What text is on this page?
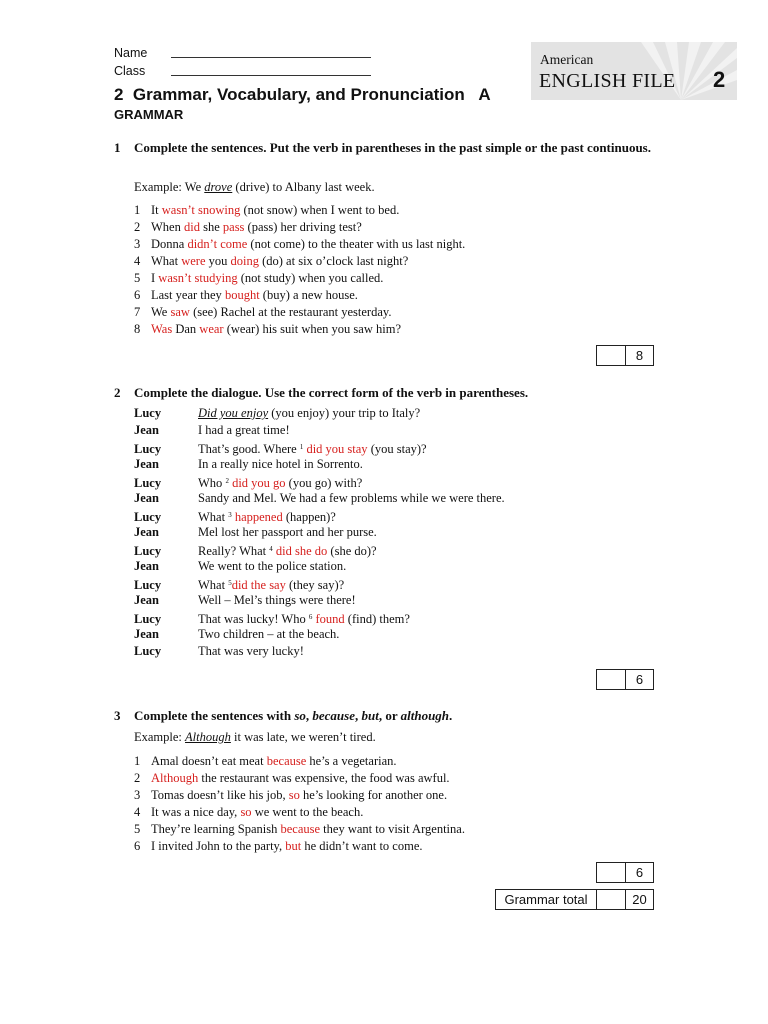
Name
Class
American
ENGLISH FILE 2
2  Grammar, Vocabulary, and Pronunciation   A
GRAMMAR
1 Complete the sentences. Put the verb in parentheses in the past simple or the past continuous.
Example: We drove (drive) to Albany last week.
1 It wasn’t snowing (not snow) when I went to bed.
2 When did she pass (pass) her driving test?
3 Donna didn’t come (not come) to the theater with us last night.
4 What were you doing (do) at six o’clock last night?
5 I wasn’t studying (not study) when you called.
6 Last year they bought (buy) a new house.
7 We saw (see) Rachel at the restaurant yesterday.
8 Was Dan wear (wear) his suit when you saw him?
8
2 Complete the dialogue. Use the correct form of the verb in parentheses.
Lucy	Did you enjoy (you enjoy) your trip to Italy?
Jean	I had a great time!
Lucy	That’s good. Where $^1$ did you stay (you stay)?
Jean	In a really nice hotel in Sorrento.
Lucy	Who $^2$ did you go (you go) with?
Jean	Sandy and Mel. We had a few problems while we were there.
Lucy	What $^3$ happened (happen)?
Jean	Mel lost her passport and her purse.
Lucy	Really? What $^4$ did she do (she do)?
Jean	We went to the police station.
Lucy	What $^5$did the say (they say)?
Jean	Well – Mel’s things were there!
Lucy	That was lucky! Who $^6$ found (find) them?
Jean	Two children – at the beach.
Lucy	That was very lucky!
6
3 Complete the sentences with so, because, but, or although.
Example: Although it was late, we weren’t tired.
1 Amal doesn’t eat meat because he’s a vegetarian.
2 Although the restaurant was expensive, the food was awful.
3 Tomas doesn’t like his job, so he’s looking for another one.
4 It was a nice day, so we went to the beach.
5 They’re learning Spanish because they want to visit Argentina.
6 I invited John to the party, but he didn’t want to come.
6
Grammar total	20
